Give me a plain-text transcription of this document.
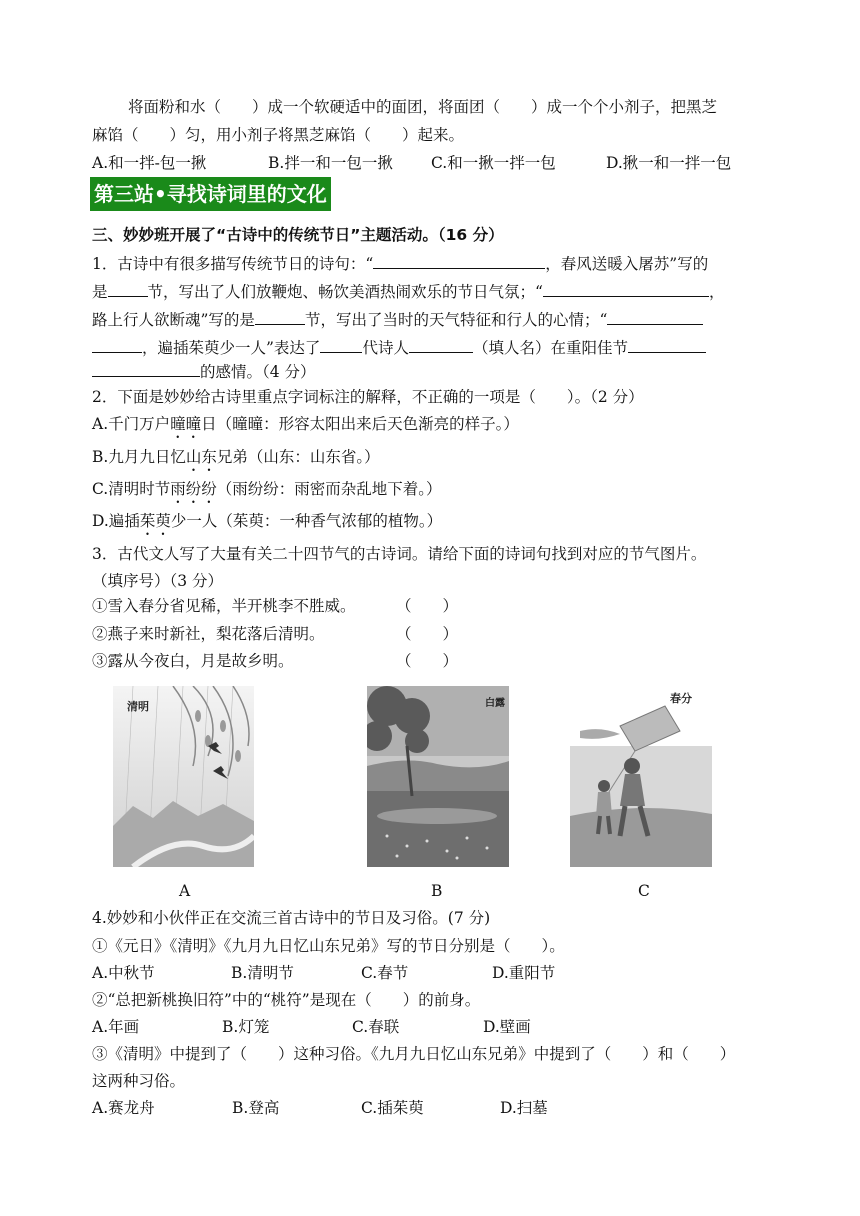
将面粉和水（　　）成一个软硬适中的面团，将面团（　　）成一个个小剂子，把黑芝
麻馅（　　）匀，用小剂子将黑芝麻馅（　　）起来。
A.和一拌-包一揪	B.拌一和一包一揪 C.和一揪一拌一包	D.揪一和一拌一包
第三站•寻找诗词里的文化
三、妙妙班开展了“古诗中的传统节日”主题活动。（16 分）
1．古诗中有很多描写传统节日的诗句：“	，春风送暖入屠苏”写的
是	节，写出了人们放鞭炮、畅饮美酒热闹欢乐的节日气氛；“	，
路上行人欲断魂”写的是	节，写出了当时的天气特征和行人的心情；“
，遍插茱萸少一人”表达了	代诗人	（填人名）在重阳佳节
的感情。（4 分）
2．下面是妙妙给古诗里重点字词标注的解释，不正确的一项是（　　）。（2 分）
A.千门万户曈曈日（曈曈：形容太阳出来后天色渐亮的样子。）
B.九月九日忆山东兄弟（山东：山东省。）
C.清明时节雨纷纷（雨纷纷：雨密而杂乱地下着。）
D.遍插茱萸少一人（茱萸：一种香气浓郁的植物。）
3．古代文人写了大量有关二十四节气的古诗词。请给下面的诗词句找到对应的节气图片。
（填序号）（3 分）
①雪入春分省见稀，半开桃李不胜威。	（　　）
②燕子来时新社，梨花落后清明。	（　　）
③露从今夜白，月是故乡明。	（　　）
清明	白露	春分
A	B	C
4.妙妙和小伙伴正在交流三首古诗中的节日及习俗。(7 分)
①《元日》《清明》《九月九日忆山东兄弟》写的节日分别是（　　）。
A.中秋节	B.清明节	C.春节	D.重阳节
②“总把新桃换旧符”中的“桃符”是现在（　　）的前身。
A.年画	B.灯笼	C.春联	D.壁画
③《清明》中提到了（　　）这种习俗。《九月九日忆山东兄弟》中提到了（　　）和（　　）
这两种习俗。
A.赛龙舟	B.登高	C.插茱萸	D.扫墓
